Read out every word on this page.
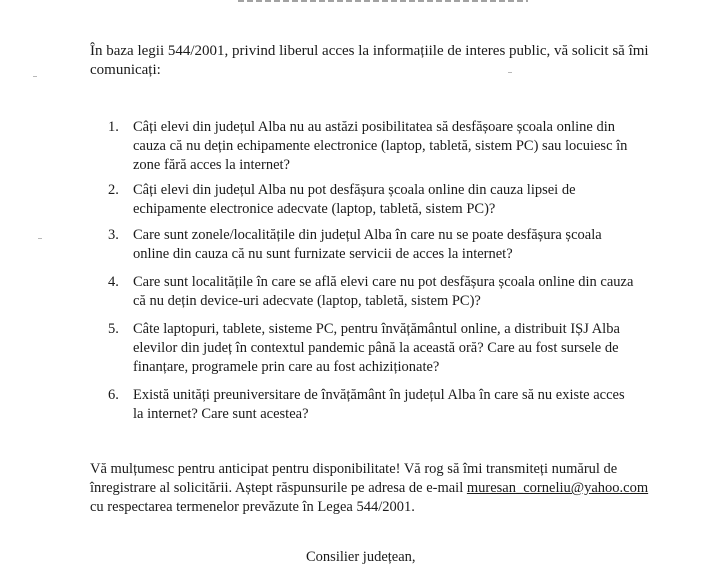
În baza legii 544/2001, privind liberul acces la informațiile de interes public, vă solicit să îmi comunicați:

1. Câți elevi din județul Alba nu au astăzi posibilitatea să desfășoare școala online din cauza că nu dețin echipamente electronice (laptop, tabletă, sistem PC) sau locuiesc în zone fără acces la internet?
2. Câți elevi din județul Alba nu pot desfășura școala online din cauza lipsei de echipamente electronice adecvate (laptop, tabletă, sistem PC)?
3. Care sunt zonele/localitățile din județul Alba în care nu se poate desfășura școala online din cauza că nu sunt furnizate servicii de acces la internet?
4. Care sunt localitățile în care se află elevi care nu pot desfășura școala online din cauza că nu dețin device-uri adecvate (laptop, tabletă, sistem PC)?
5. Câte laptopuri, tablete, sisteme PC, pentru învățământul online, a distribuit IȘJ Alba elevilor din județ în contextul pandemic până la această oră? Care au fost sursele de finanțare, programele prin care au fost achiziționate?
6. Există unități preuniversitare de învățământ în județul Alba în care să nu existe acces la internet? Care sunt acestea?

Vă mulțumesc pentru anticipat pentru disponibilitate! Vă rog să îmi transmiteți numărul de înregistrare al solicitării. Aștept răspunsurile pe adresa de e-mail muresan_corneliu@yahoo.com cu respectarea termenelor prevăzute în Legea 544/2001.

Consilier județean,
